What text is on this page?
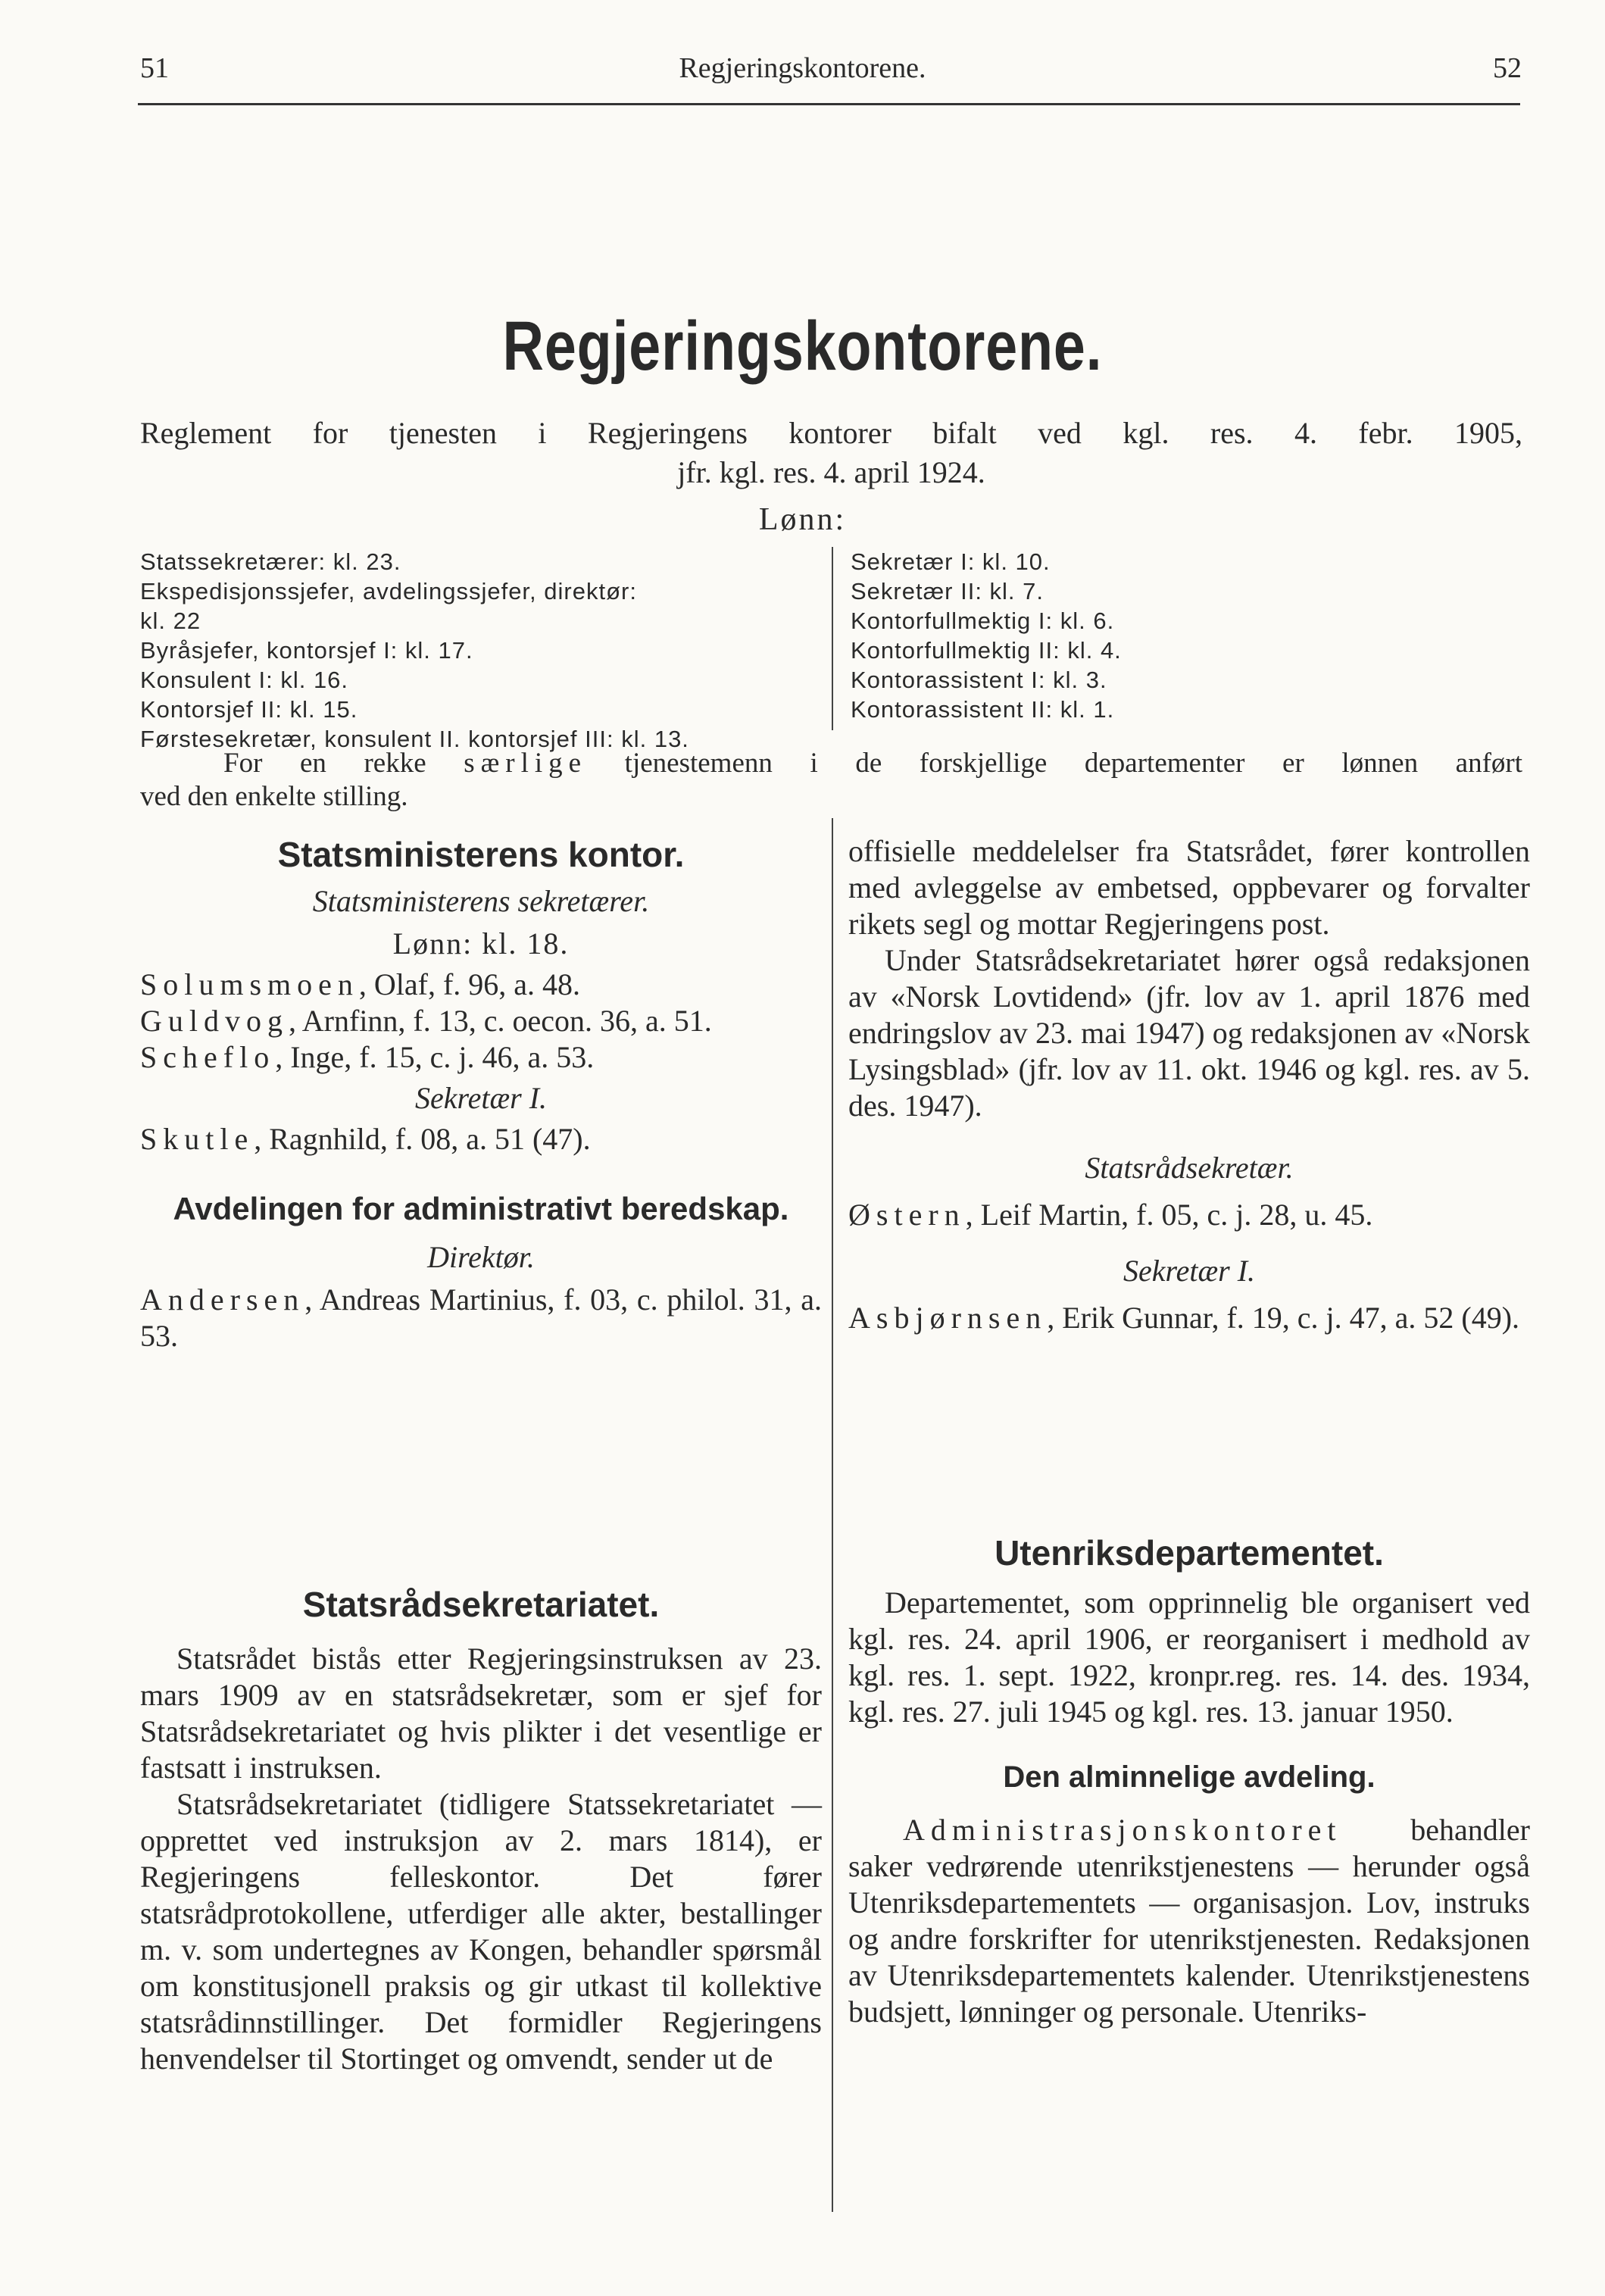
51	Regjeringskontorene.	52
Regjeringskontorene.

Reglement for tjenesten i Regjeringens kontorer bifalt ved kgl. res. 4. febr. 1905,

jfr. kgl. res. 4. april 1924.

Lønn:
Statssekretærer: kl. 23.
Ekspedisjonssjefer, avdelingssjefer, direktør:
kl. 22
Byråsjefer, kontorsjef I: kl. 17.
Konsulent I: kl. 16.
Kontorsjef II: kl. 15.
Førstesekretær, konsulent II. kontorsjef III: kl. 13.
Sekretær I: kl. 10.
Sekretær II: kl. 7.
Kontorfullmektig I: kl. 6.
Kontorfullmektig II: kl. 4.
Kontorassistent I: kl. 3.
Kontorassistent II: kl. 1.
For en rekke særlige tjenestemenn i de forskjellige departementer er lønnen anført
ved den enkelte stilling.
Statsministerens kontor.
Statsministerens sekretærer.
Lønn: kl. 18.
Solumsmoen, Olaf, f. 96, a. 48.
Guldvog, Arnfinn, f. 13, c. oecon. 36, a. 51.
Scheflo, Inge, f. 15, c. j. 46, a. 53.
Sekretær I.
Skutle, Ragnhild, f. 08, a. 51 (47).
Avdelingen for administrativt beredskap.
Direktør.
Andersen, Andreas Martinius, f. 03, c. philol. 31, a. 53.
Statsrådsekretariatet.

Statsrådet bistås etter Regjeringsinstruksen av 23. mars 1909 av en statsrådsekretær, som er sjef for Statsrådsekretariatet og hvis plikter i det vesentlige er fastsatt i instruksen.

Statsrådsekretariatet (tidligere Statssekretariatet — opprettet ved instruksjon av 2. mars 1814), er Regjeringens felleskontor. Det fører statsrådprotokollene, utferdiger alle akter, bestallinger m. v. som undertegnes av Kongen, behandler spørsmål om konstitusjonell praksis og gir utkast til kollektive statsrådinnstillinger. Det formidler Regjeringens henvendelser til Stortinget og omvendt, sender ut de

offisielle meddelelser fra Statsrådet, fører kontrollen med avleggelse av embetsed, oppbevarer og forvalter rikets segl og mottar Regjeringens post.

Under Statsrådsekretariatet hører også redaksjonen av «Norsk Lovtidend» (jfr. lov av 1. april 1876 med endringslov av 23. mai 1947) og redaksjonen av «Norsk Lysingsblad» (jfr. lov av 11. okt. 1946 og kgl. res. av 5. des. 1947).

Statsrådsekretær.
Østern, Leif Martin, f. 05, c. j. 28, u. 45.
Sekretær I.
Asbjørnsen, Erik Gunnar, f. 19, c. j. 47, a. 52 (49).
Utenriksdepartementet.

Departementet, som opprinnelig ble organisert ved kgl. res. 24. april 1906, er reorganisert i medhold av kgl. res. 1. sept. 1922, kronpr.reg. res. 14. des. 1934, kgl. res. 27. juli 1945 og kgl. res. 13. januar 1950.

Den alminnelige avdeling.

Administrasjonskontoret behandler saker vedrørende utenrikstjenestens — herunder også Utenriksdepartementets — organisasjon. Lov, instruks og andre forskrifter for utenrikstjenesten. Redaksjonen av Utenriksdepartementets kalender. Utenrikstjenestens budsjett, lønninger og personale. Utenriks-
